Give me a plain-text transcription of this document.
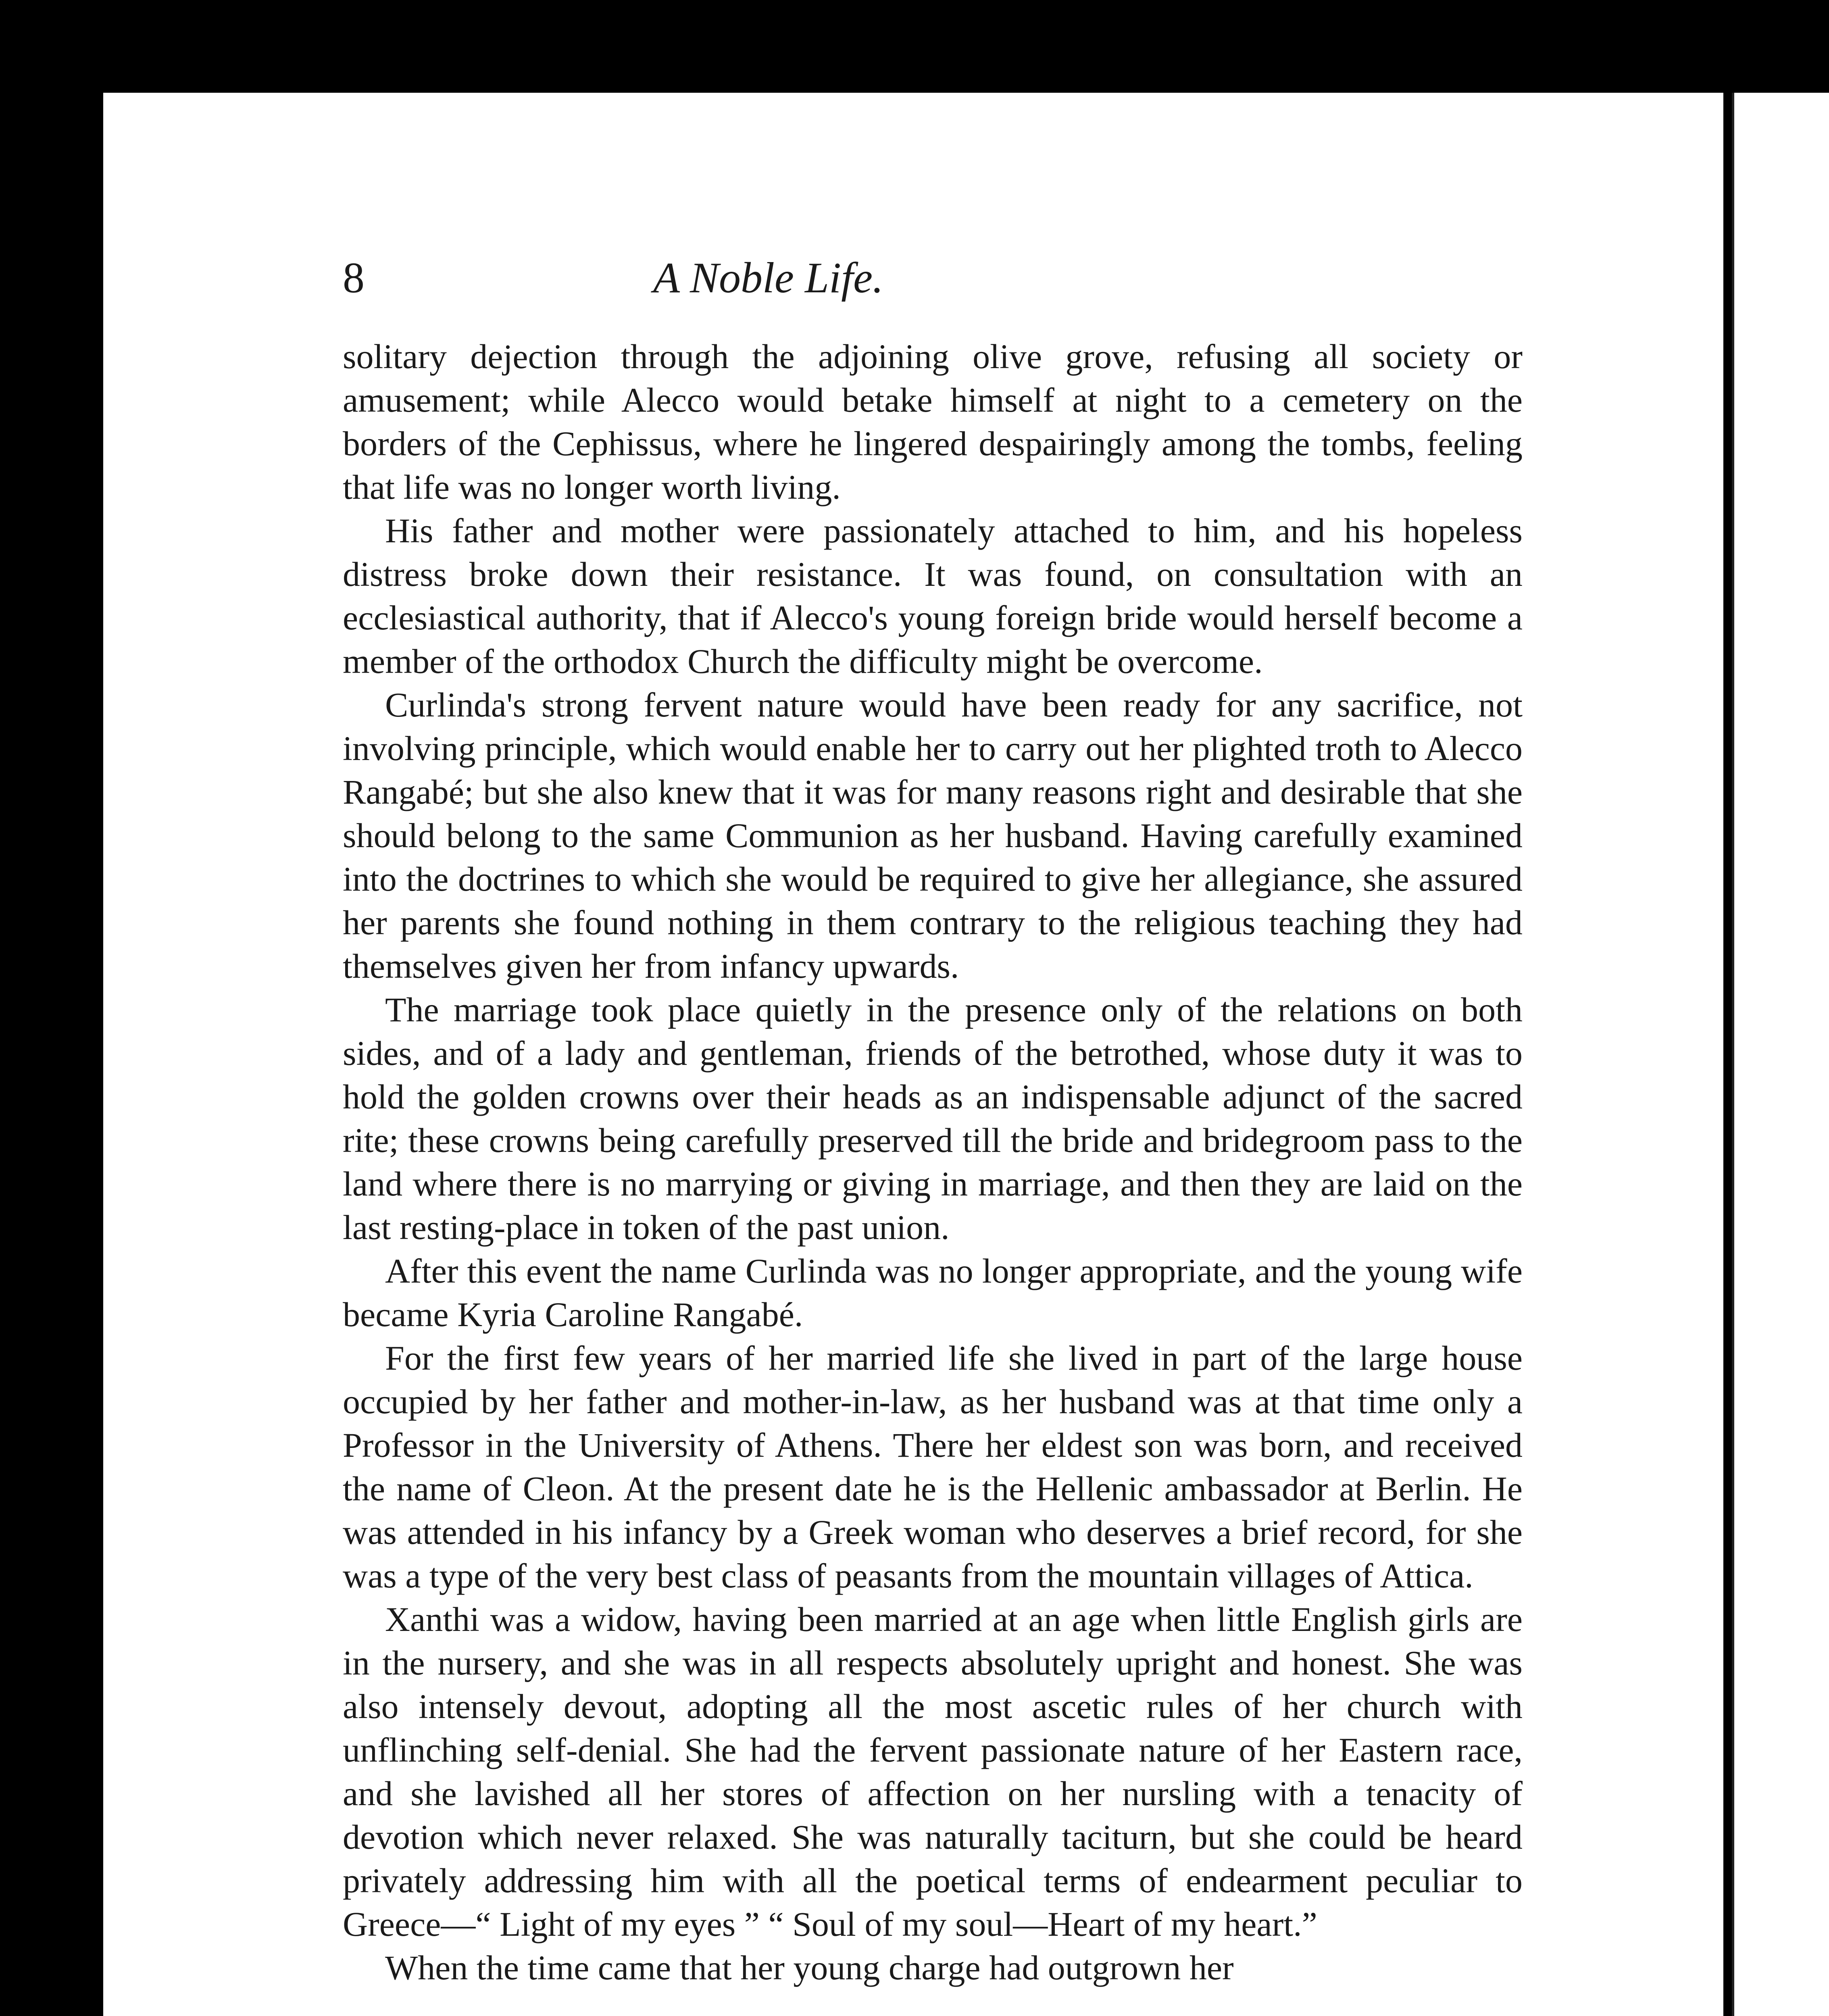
8	A Noble Life.

solitary dejection through the adjoining olive grove, refusing all society or amusement; while Alecco would betake himself at night to a cemetery on the borders of the Cephissus, where he lingered despairingly among the tombs, feeling that life was no longer worth living.

His father and mother were passionately attached to him, and his hopeless distress broke down their resistance. It was found, on consultation with an ecclesiastical authority, that if Alecco's young foreign bride would herself become a member of the orthodox Church the difficulty might be overcome.

Curlinda's strong fervent nature would have been ready for any sacrifice, not involving principle, which would enable her to carry out her plighted troth to Alecco Rangabé; but she also knew that it was for many reasons right and desirable that she should belong to the same Communion as her husband. Having carefully examined into the doctrines to which she would be required to give her allegiance, she assured her parents she found nothing in them contrary to the religious teaching they had themselves given her from infancy upwards.

The marriage took place quietly in the presence only of the relations on both sides, and of a lady and gentleman, friends of the betrothed, whose duty it was to hold the golden crowns over their heads as an indispensable adjunct of the sacred rite; these crowns being carefully preserved till the bride and bridegroom pass to the land where there is no marrying or giving in marriage, and then they are laid on the last resting-place in token of the past union.

After this event the name Curlinda was no longer appropriate, and the young wife became Kyria Caroline Rangabé.

For the first few years of her married life she lived in part of the large house occupied by her father and mother-in-law, as her husband was at that time only a Professor in the University of Athens. There her eldest son was born, and received the name of Cleon. At the present date he is the Hellenic ambassador at Berlin. He was attended in his infancy by a Greek woman who deserves a brief record, for she was a type of the very best class of peasants from the mountain villages of Attica.

Xanthi was a widow, having been married at an age when little English girls are in the nursery, and she was in all respects absolutely upright and honest. She was also intensely devout, adopting all the most ascetic rules of her church with unflinching self-denial. She had the fervent passionate nature of her Eastern race, and she lavished all her stores of affection on her nursling with a tenacity of devotion which never relaxed. She was naturally taciturn, but she could be heard privately addressing him with all the poetical terms of endearment peculiar to Greece—“ Light of my eyes ” “ Soul of my soul—Heart of my heart.”

When the time came that her young charge had outgrown her
